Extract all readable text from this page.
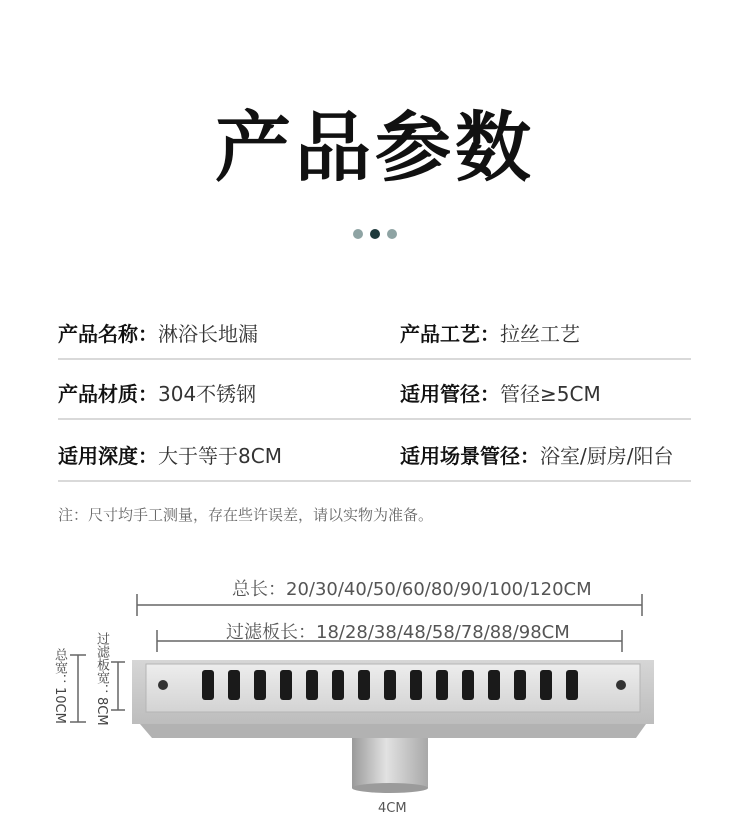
产品参数
产品名称：淋浴长地漏	产品工艺：拉丝工艺
产品材质：304不锈钢	适用管径：管径≥5CM
适用深度：大于等于8CM	适用场景管径：浴室/厨房/阳台
注：尺寸均手工测量，存在些许误差，请以实物为准备。
总长：20/30/40/50/60/80/90/100/120CM
过滤板长：18/28/38/48/58/78/88/98CM
总宽：10CM 过滤板宽：8CM
4CM
